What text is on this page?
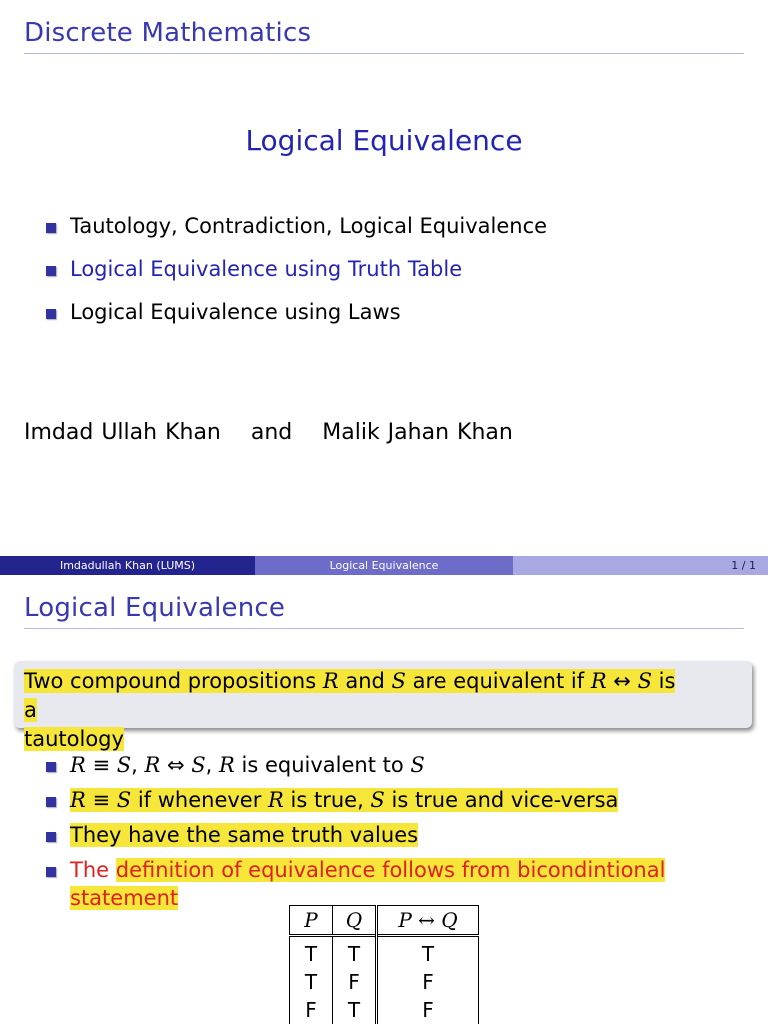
Discrete Mathematics
Logical Equivalence
Tautology, Contradiction, Logical Equivalence
Logical Equivalence using Truth Table
Logical Equivalence using Laws
Imdad Ullah Khan and Malik Jahan Khan
Imdadullah Khan (LUMS)	Logical Equivalence	1 / 1
Logical Equivalence
Two compound propositions R and S are equivalent if R ↔ S is a
tautology
R ≡ S, R ⇔ S, R is equivalent to S
R ≡ S if whenever R is true, S is true and vice-versa
They have the same truth values
The definition of equivalence follows from bicondintional statement
P	Q	P ↔ Q

T	T	T
T	F	F
F	T	F
